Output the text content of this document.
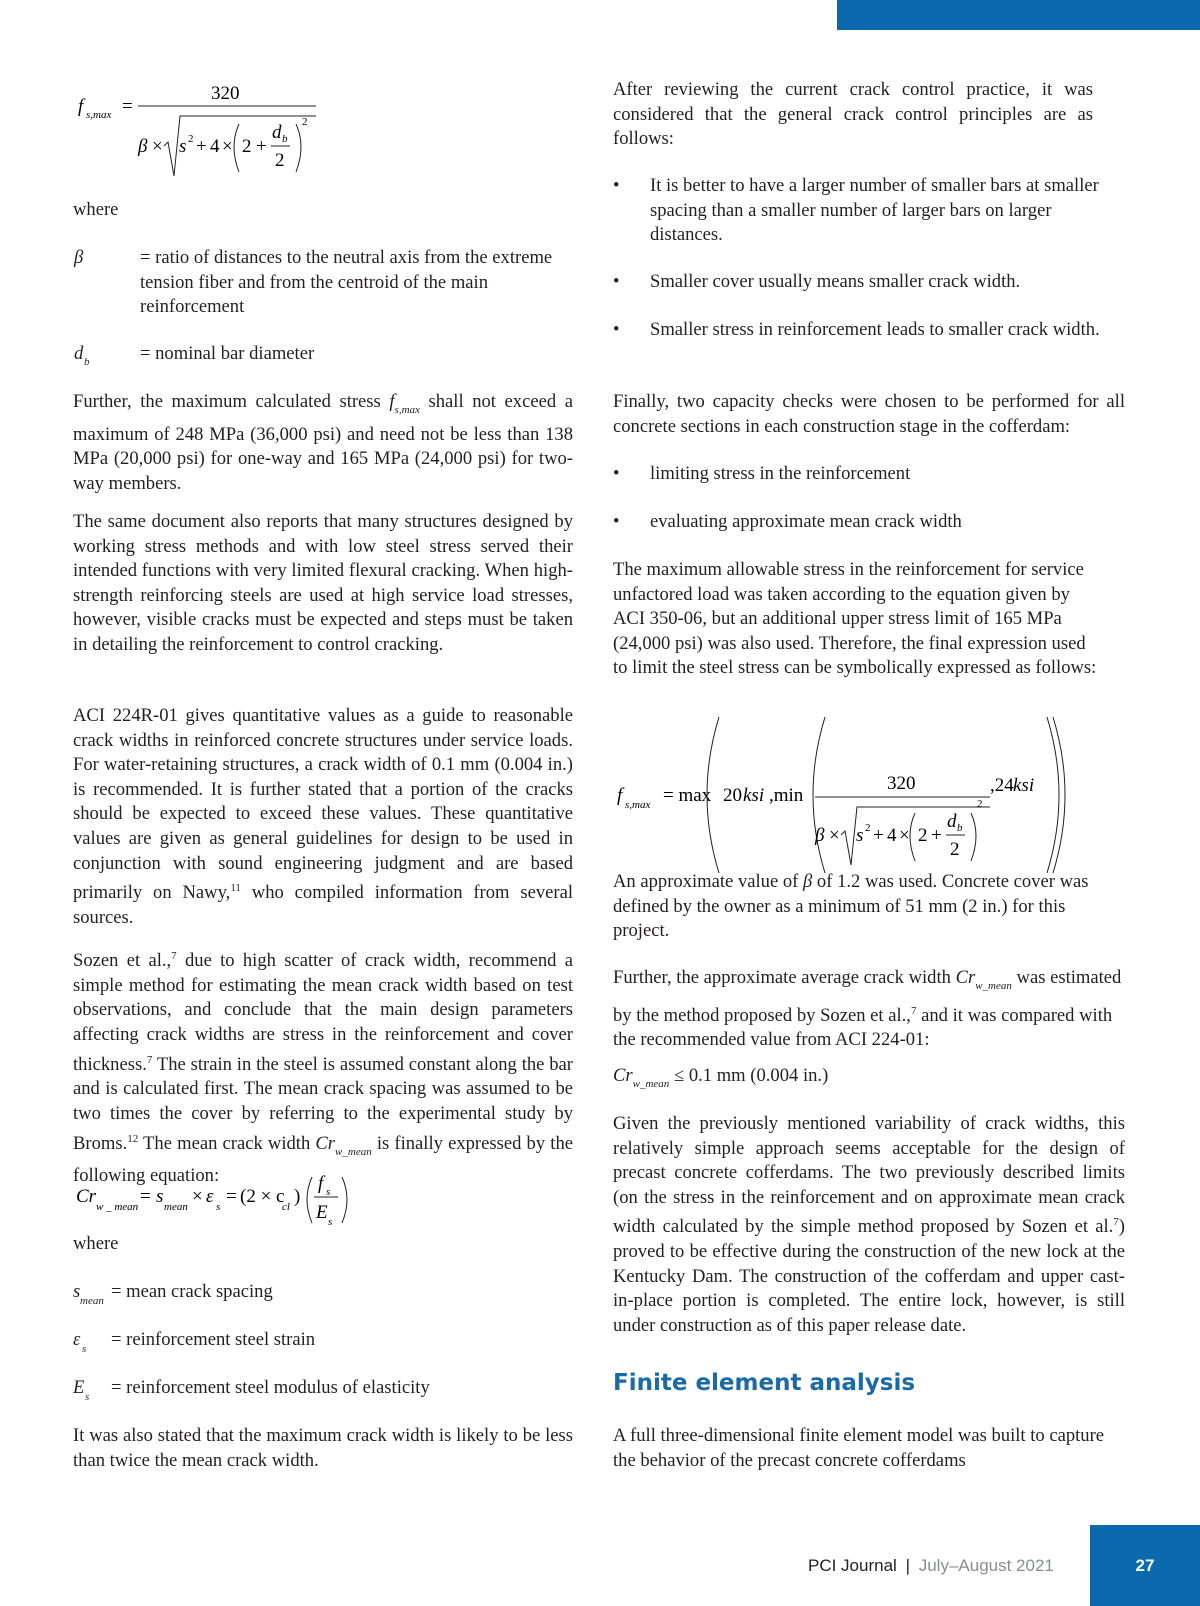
f s,max =
320
β × s 2 + 4 × 2 +
d b
2
2

where

β	= ratio of distances to the neutral axis from the extreme tension fiber and from the centroid of the main reinforcement

d b	= nominal bar diameter

Further, the maximum calculated stress $f_{s,max}$ shall not exceed a maximum of 248 MPa (36,000 psi) and need not be less than 138 MPa (20,000 psi) for one-way and 165 MPa (24,000 psi) for two-way members.

The same document also reports that many structures designed by working stress methods and with low steel stress served their intended functions with very limited flexural cracking. When high-strength reinforcing steels are used at high service load stresses, however, visible cracks must be expected and steps must be taken in detailing the reinforcement to control cracking.

ACI 224R-01 gives quantitative values as a guide to reasonable crack widths in reinforced concrete structures under service loads. For water-retaining structures, a crack width of 0.1 mm (0.004 in.) is recommended. It is further stated that a portion of the cracks should be expected to exceed these values. These quantitative values are given as general guidelines for design to be used in conjunction with sound engineering judgment and are based primarily on Nawy,$^{11}$ who compiled information from several sources.

Sozen et al.,$^7$ due to high scatter of crack width, recommend a simple method for estimating the mean crack width based on test observations, and conclude that the main design parameters affecting crack widths are stress in the reinforcement and cover thickness.$^7$ The strain in the steel is assumed constant along the bar and is calculated first. The mean crack spacing was assumed to be two times the cover by referring to the experimental study by Broms.$^{12}$ The mean crack width $Cr_{w\_mean}$ is finally expressed by the following equation:

Cr w _ mean = s mean × ε s = (2 × c
cl )
f s
E s

where

s mean = mean crack spacing

ε s = reinforcement steel strain

E s = reinforcement steel modulus of elasticity

It was also stated that the maximum crack width is likely to be less than twice the mean crack width.

After reviewing the current crack control practice, it was considered that the general crack control principles are as follows:

• It is better to have a larger number of smaller bars at smaller spacing than a smaller number of larger bars on larger distances.
• Smaller cover usually means smaller crack width.
• Smaller stress in reinforcement leads to smaller crack width.

Finally, two capacity checks were chosen to be performed for all concrete sections in each construction stage in the cofferdam:

• limiting stress in the reinforcement
• evaluating approximate mean crack width

The maximum allowable stress in the reinforcement for service unfactored load was taken according to the equation given by ACI 350-06, but an additional upper stress limit of 165 MPa (24,000 psi) was also used. Therefore, the final expression used to limit the steel stress can be symbolically expressed as follows:

f s,max = max 20 ksi ,min
320
β × s 2 + 4 × 2 +
d b
2
2
,24 ksi

An approximate value of β of 1.2 was used. Concrete cover was defined by the owner as a minimum of 51 mm (2 in.) for this project.

Further, the approximate average crack width $Cr_{w\_mean}$ was estimated by the method proposed by Sozen et al.,$^7$ and it was compared with the recommended value from ACI 224-01:

$Cr_{w\_mean} \le 0.1$ mm (0.004 in.)

Given the previously mentioned variability of crack widths, this relatively simple approach seems acceptable for the design of precast concrete cofferdams. The two previously described limits (on the stress in the reinforcement and on approximate mean crack width calculated by the simple method proposed by Sozen et al.$^7$) proved to be effective during the construction of the new lock at the Kentucky Dam. The construction of the cofferdam and upper cast-in-place portion is completed. The entire lock, however, is still under construction as of this paper release date.

Finite element analysis

A full three-dimensional finite element model was built to capture the behavior of the precast concrete cofferdams

PCI Journal | July–August 2021	27
